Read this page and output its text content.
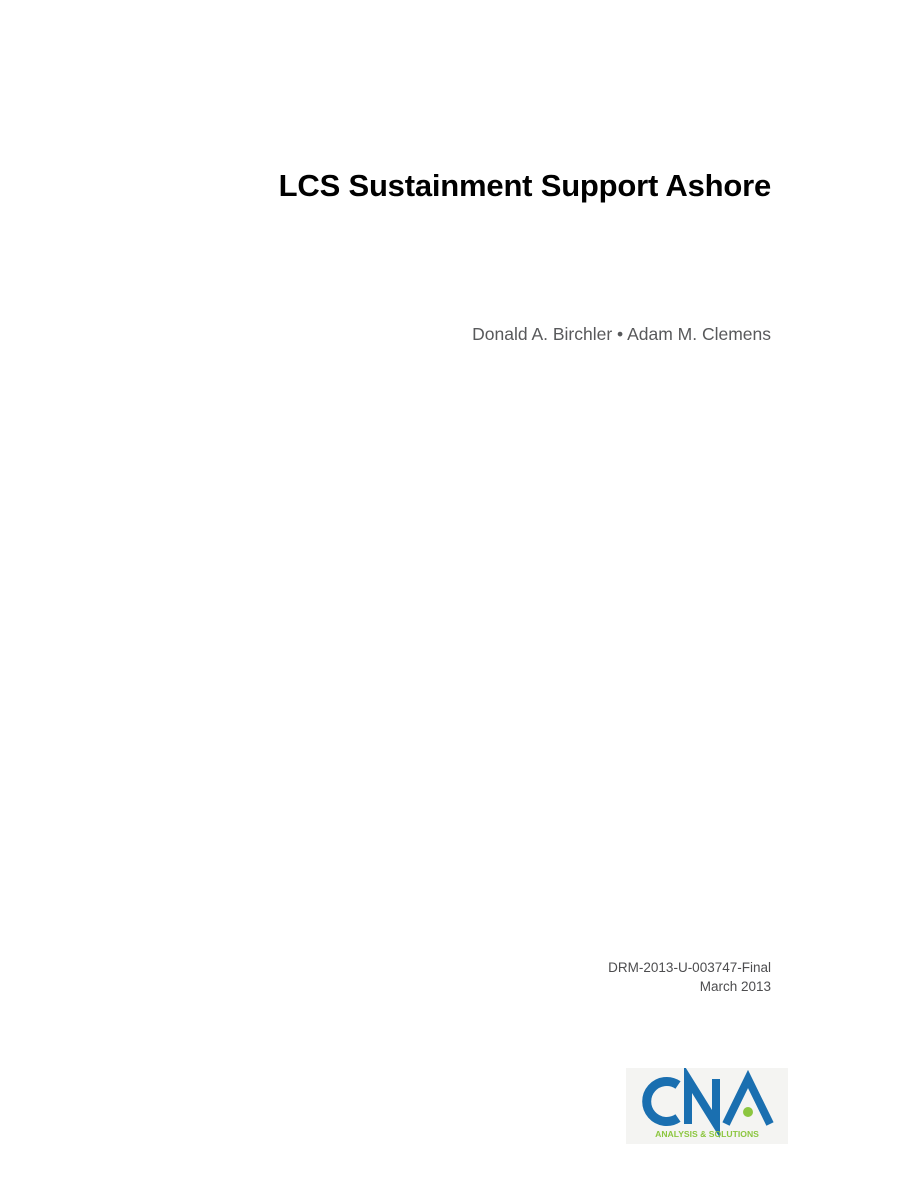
LCS Sustainment Support Ashore
Donald A. Birchler • Adam M. Clemens
DRM-2013-U-003747-Final
March 2013
ANALYSIS & SOLUTIONS
